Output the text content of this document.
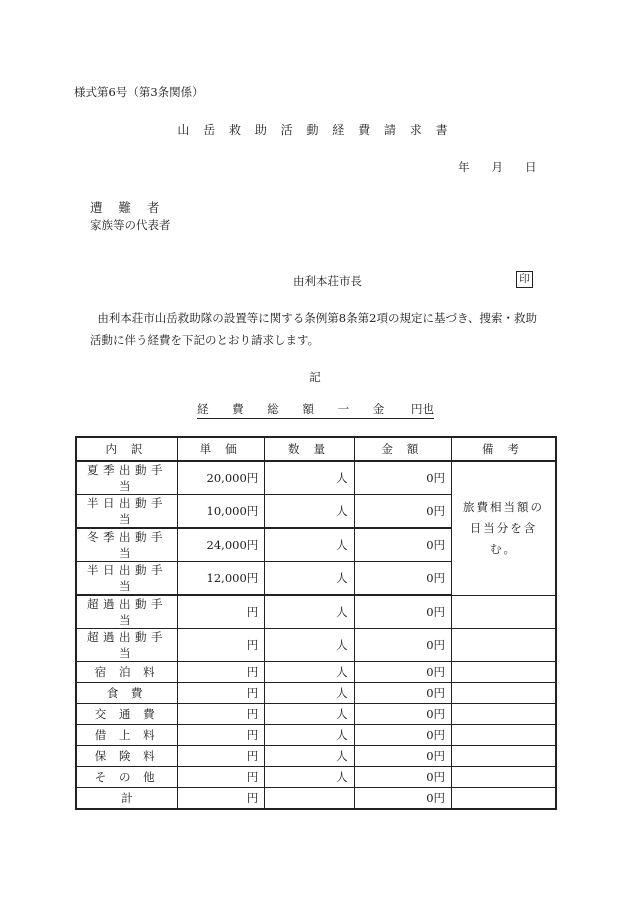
様式第6号（第3条関係）
山 岳 救 助 活 動 経 費 請 求 書
年 月 日
遭 難 者
家族等の代表者
由利本荘市長	印

由利本荘市山岳救助隊の設置等に関する条例第8条第2項の規定に基づき、捜索・救助

活動に伴う経費を下記のとおり請求します。

記
経 費 総 額 一 金 円也
内訳	単価	数量	金額	備考
夏季出動手当	20,000円	人	0円	旅費相当額の
日当分を含む。

半日出動手当	10,000円	人	0円	
冬季出動手当	24,000円	人	0円	
半日出動手当	12,000円	人	0円	
超過出動手当	円	人	0円	
超過出動手当	円	人	0円	
宿 泊 料	円	人	0円	
食 費	円	人	0円	
交 通 費	円	人	0円	
借 上 料	円	人	0円	
保 険 料	円	人	0円	
そ の 他	円	人	0円	
計	円		0円	
